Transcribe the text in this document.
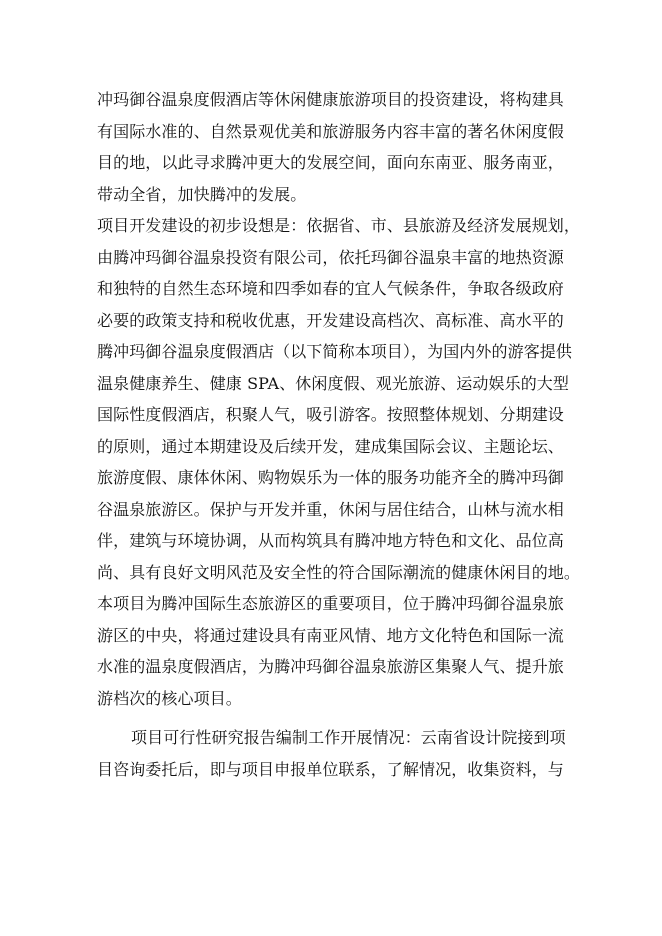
冲玛御谷温泉度假酒店等休闲健康旅游项目的投资建设，将构建具
有国际水准的、自然景观优美和旅游服务内容丰富的著名休闲度假
目的地，以此寻求腾冲更大的发展空间，面向东南亚、服务南亚，
带动全省，加快腾冲的发展。
项目开发建设的初步设想是：依据省、市、县旅游及经济发展规划，
由腾冲玛御谷温泉投资有限公司，依托玛御谷温泉丰富的地热资源
和独特的自然生态环境和四季如春的宜人气候条件，争取各级政府
必要的政策支持和税收优惠，开发建设高档次、高标准、高水平的
腾冲玛御谷温泉度假酒店（以下简称本项目），为国内外的游客提供
温泉健康养生、健康 SPA、休闲度假、观光旅游、运动娱乐的大型
国际性度假酒店，积聚人气，吸引游客。按照整体规划、分期建设
的原则，通过本期建设及后续开发，建成集国际会议、主题论坛、
旅游度假、康体休闲、购物娱乐为一体的服务功能齐全的腾冲玛御
谷温泉旅游区。保护与开发并重，休闲与居住结合，山林与流水相
伴，建筑与环境协调，从而构筑具有腾冲地方特色和文化、品位高
尚、具有良好文明风范及安全性的符合国际潮流的健康休闲目的地。
本项目为腾冲国际生态旅游区的重要项目，位于腾冲玛御谷温泉旅
游区的中央，将通过建设具有南亚风情、地方文化特色和国际一流
水准的温泉度假酒店，为腾冲玛御谷温泉旅游区集聚人气、提升旅
游档次的核心项目。
项目可行性研究报告编制工作开展情况：云南省设计院接到项
目咨询委托后，即与项目申报单位联系，了解情况，收集资料，与
